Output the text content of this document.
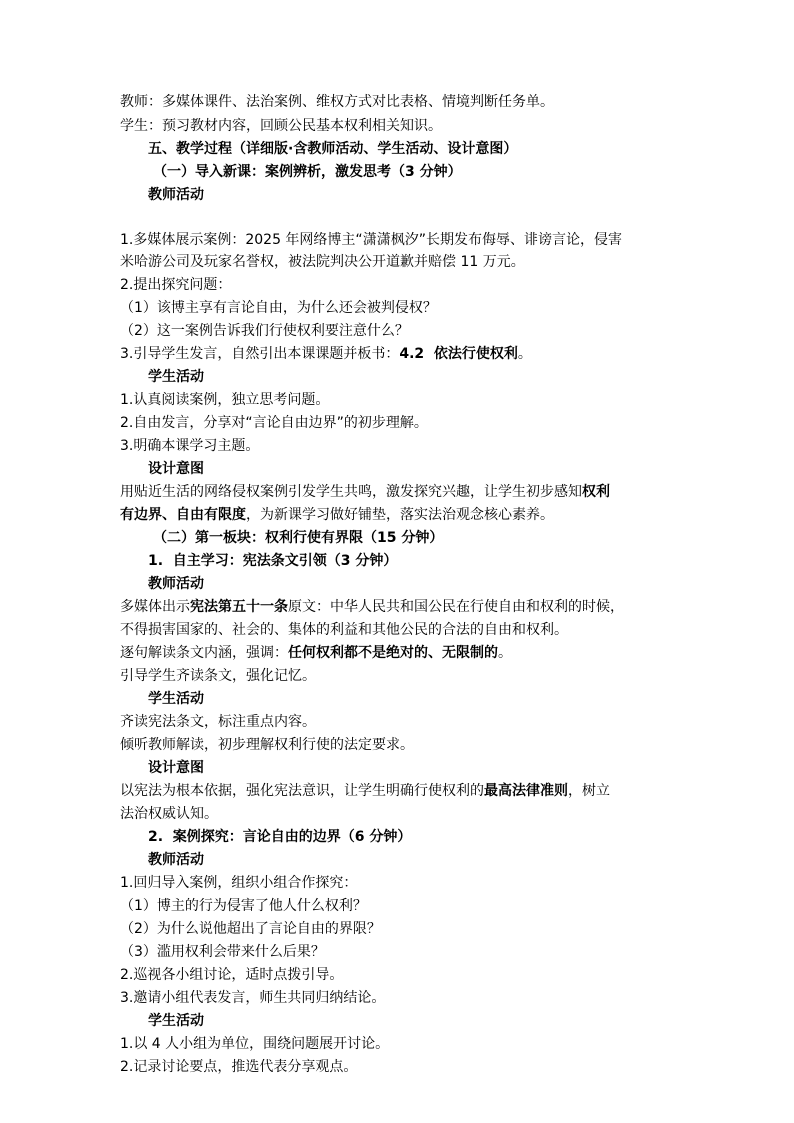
教师：多媒体课件、法治案例、维权方式对比表格、情境判断任务单。
学生：预习教材内容，回顾公民基本权利相关知识。
五、教学过程（详细版·含教师活动、学生活动、设计意图）
（一）导入新课：案例辨析，激发思考（3 分钟）
教师活动
1.多媒体展示案例：2025 年网络博主“潇潇枫汐”长期发布侮辱、诽谤言论，侵害
米哈游公司及玩家名誉权，被法院判决公开道歉并赔偿 11 万元。
2.提出探究问题：
（1）该博主享有言论自由，为什么还会被判侵权？
（2）这一案例告诉我们行使权利要注意什么？
3.引导学生发言，自然引出本课课题并板书：4.2  依法行使权利。
学生活动
1.认真阅读案例，独立思考问题。
2.自由发言，分享对“言论自由边界”的初步理解。
3.明确本课学习主题。
设计意图
用贴近生活的网络侵权案例引发学生共鸣，激发探究兴趣，让学生初步感知权利
有边界、自由有限度，为新课学习做好铺垫，落实法治观念核心素养。
（二）第一板块：权利行使有界限（15 分钟）
1.  自主学习：宪法条文引领（3 分钟）
教师活动
多媒体出示宪法第五十一条原文：中华人民共和国公民在行使自由和权利的时候，
不得损害国家的、社会的、集体的利益和其他公民的合法的自由和权利。
逐句解读条文内涵，强调：任何权利都不是绝对的、无限制的。
引导学生齐读条文，强化记忆。
学生活动
齐读宪法条文，标注重点内容。
倾听教师解读，初步理解权利行使的法定要求。
设计意图
以宪法为根本依据，强化宪法意识，让学生明确行使权利的最高法律准则，树立
法治权威认知。
2.  案例探究：言论自由的边界（6 分钟）
教师活动
1.回归导入案例，组织小组合作探究：
（1）博主的行为侵害了他人什么权利？
（2）为什么说他超出了言论自由的界限？
（3）滥用权利会带来什么后果？
2.巡视各小组讨论，适时点拨引导。
3.邀请小组代表发言，师生共同归纳结论。
学生活动
1.以 4 人小组为单位，围绕问题展开讨论。
2.记录讨论要点，推选代表分享观点。
